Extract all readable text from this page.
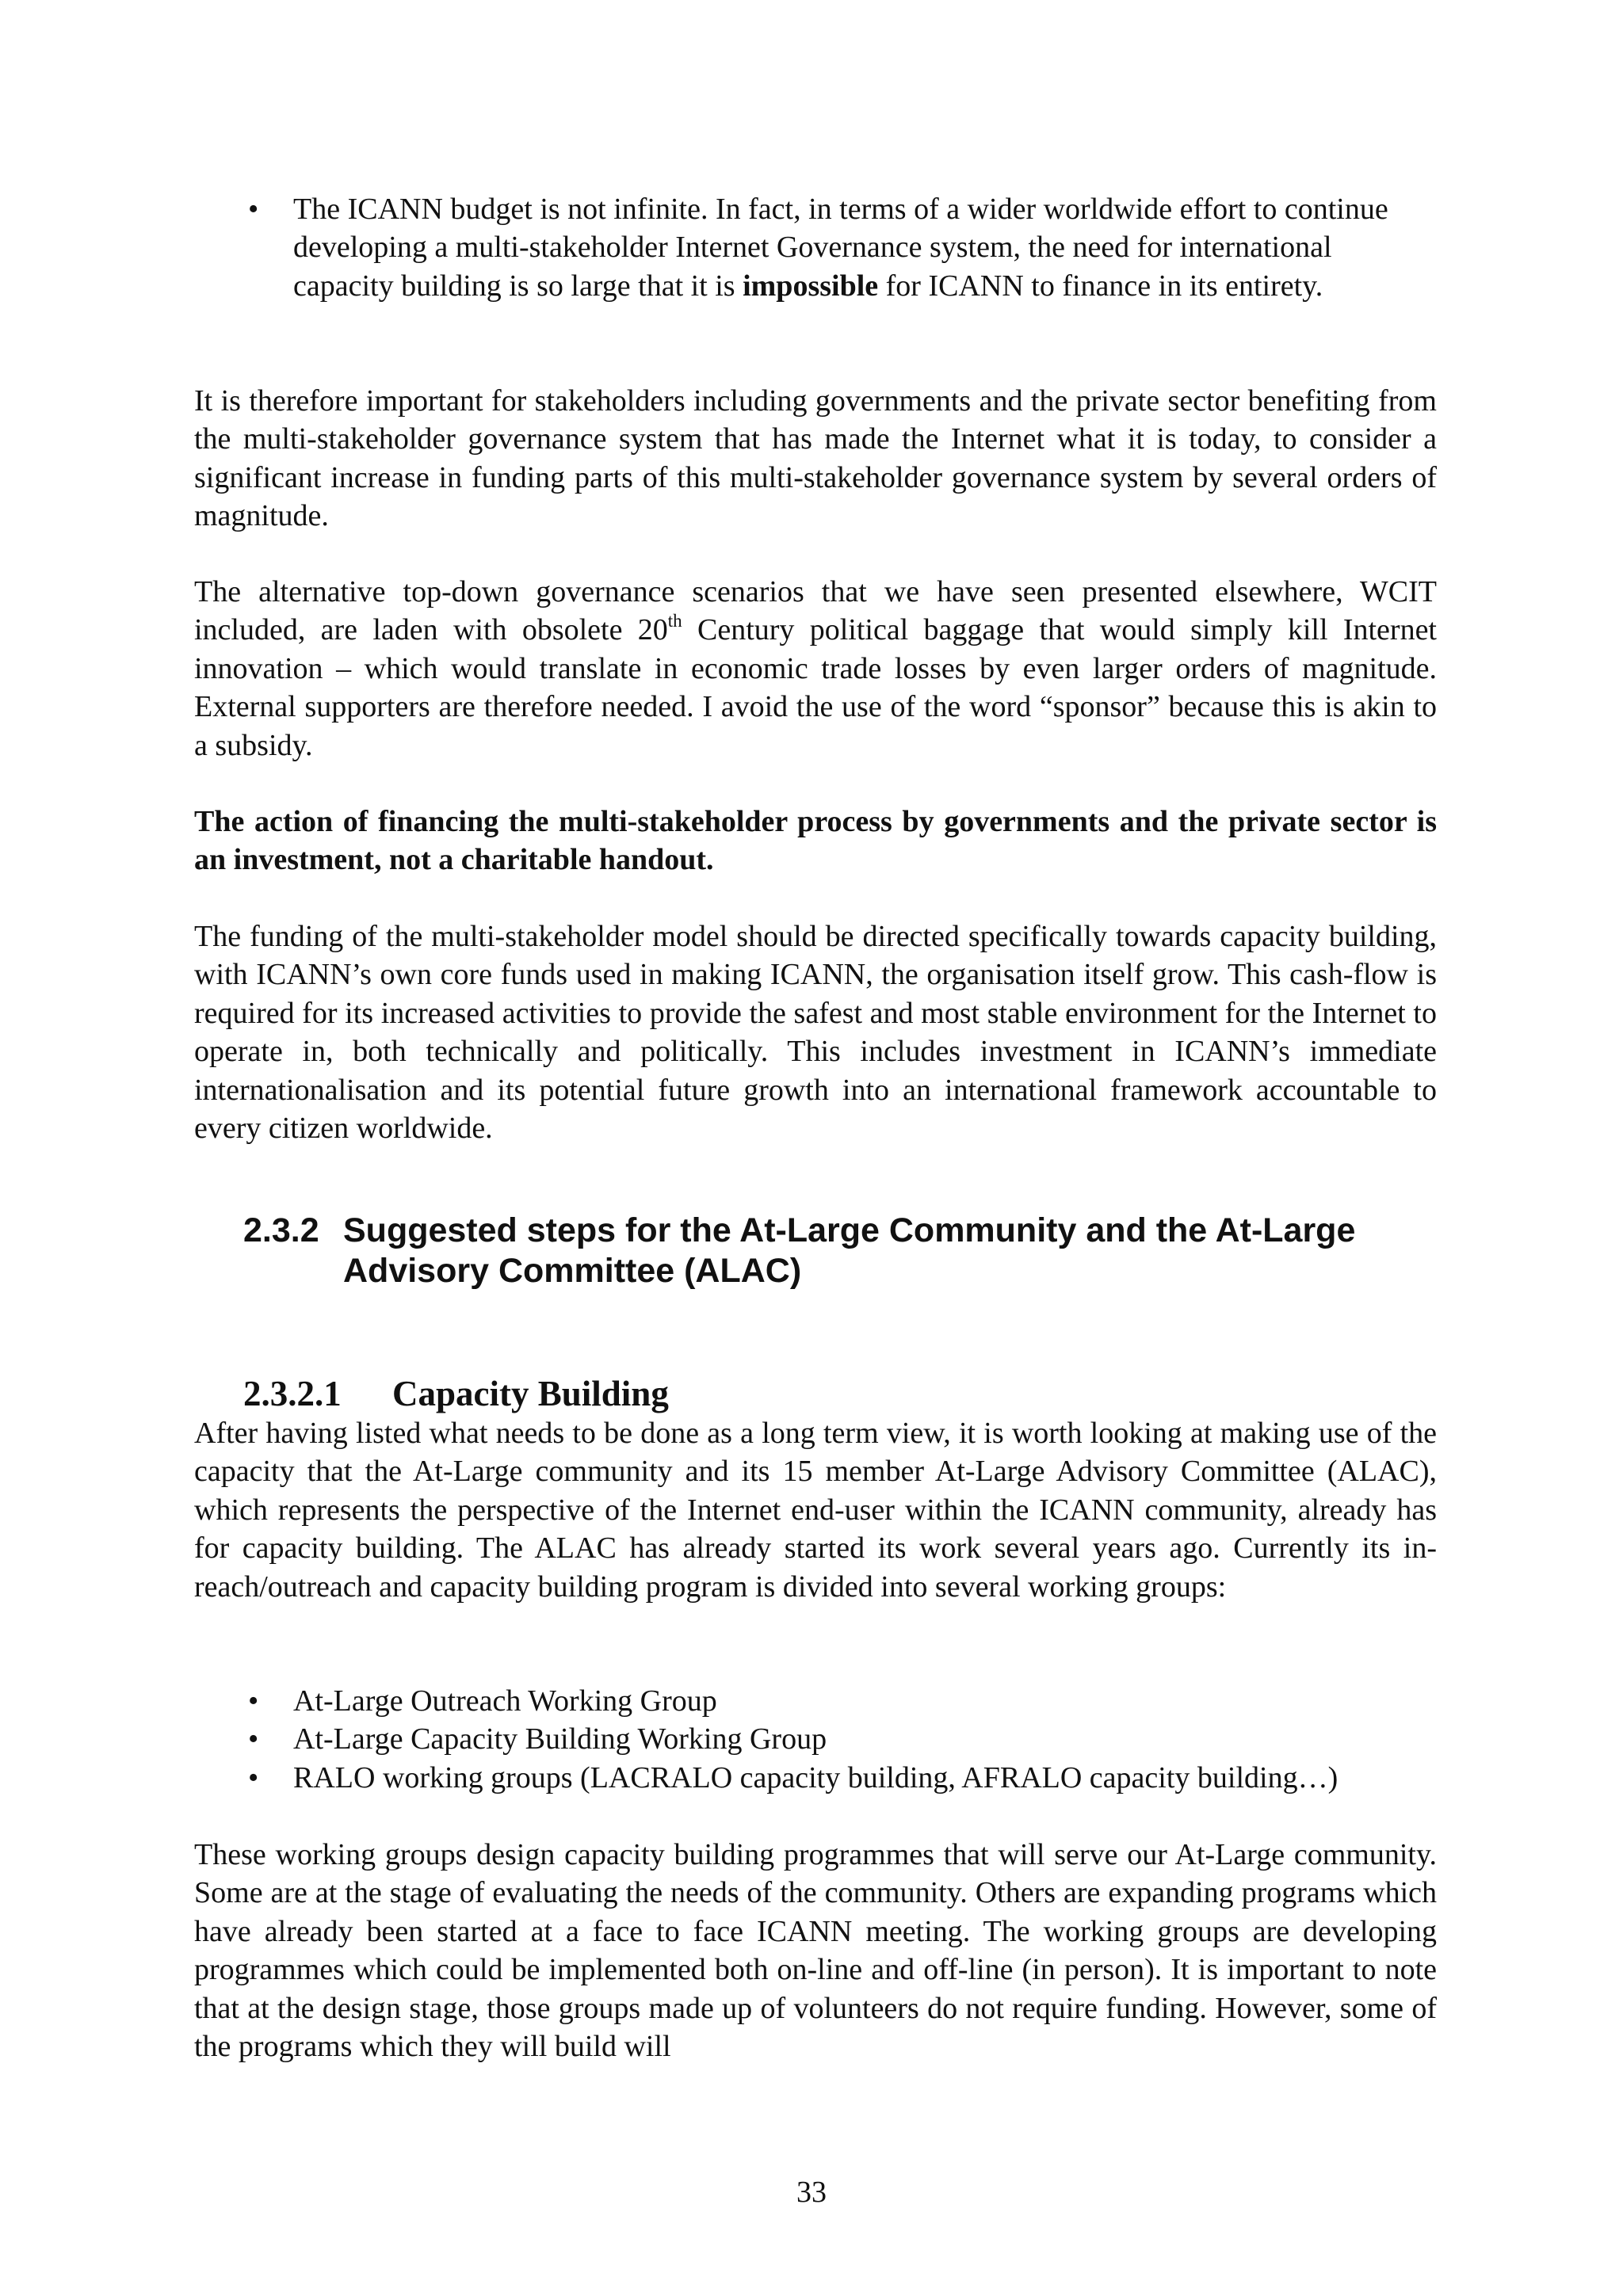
• The ICANN budget is not infinite. In fact, in terms of a wider worldwide effort to continue developing a multi-stakeholder Internet Governance system, the need for international capacity building is so large that it is impossible for ICANN to finance in its entirety.

It is therefore important for stakeholders including governments and the private sector benefiting from the multi-stakeholder governance system that has made the Internet what it is today, to consider a significant increase in funding parts of this multi-stakeholder governance system by several orders of magnitude.

The alternative top-down governance scenarios that we have seen presented elsewhere, WCIT included, are laden with obsolete 20th Century political baggage that would simply kill Internet innovation – which would translate in economic trade losses by even larger orders of magnitude. External supporters are therefore needed. I avoid the use of the word “sponsor” because this is akin to a subsidy.

The action of financing the multi-stakeholder process by governments and the private sector is an investment, not a charitable handout.

The funding of the multi-stakeholder model should be directed specifically towards capacity building, with ICANN’s own core funds used in making ICANN, the organisation itself grow. This cash-flow is required for its increased activities to provide the safest and most stable environment for the Internet to operate in, both technically and politically. This includes investment in ICANN’s immediate internationalisation and its potential future growth into an international framework accountable to every citizen worldwide.

2.3.2 Suggested steps for the At-Large Community and the At-Large Advisory Committee (ALAC)
2.3.2.1 Capacity Building

After having listed what needs to be done as a long term view, it is worth looking at making use of the capacity that the At-Large community and its 15 member At-Large Advisory Committee (ALAC), which represents the perspective of the Internet end-user within the ICANN community, already has for capacity building. The ALAC has already started its work several years ago. Currently its in-reach/outreach and capacity building program is divided into several working groups:

• At-Large Outreach Working Group
• At-Large Capacity Building Working Group
• RALO working groups (LACRALO capacity building, AFRALO capacity building…)

These working groups design capacity building programmes that will serve our At-Large community. Some are at the stage of evaluating the needs of the community. Others are expanding programs which have already been started at a face to face ICANN meeting. The working groups are developing programmes which could be implemented both on-line and off-line (in person). It is important to note that at the design stage, those groups made up of volunteers do not require funding. However, some of the programs which they will build will

33
